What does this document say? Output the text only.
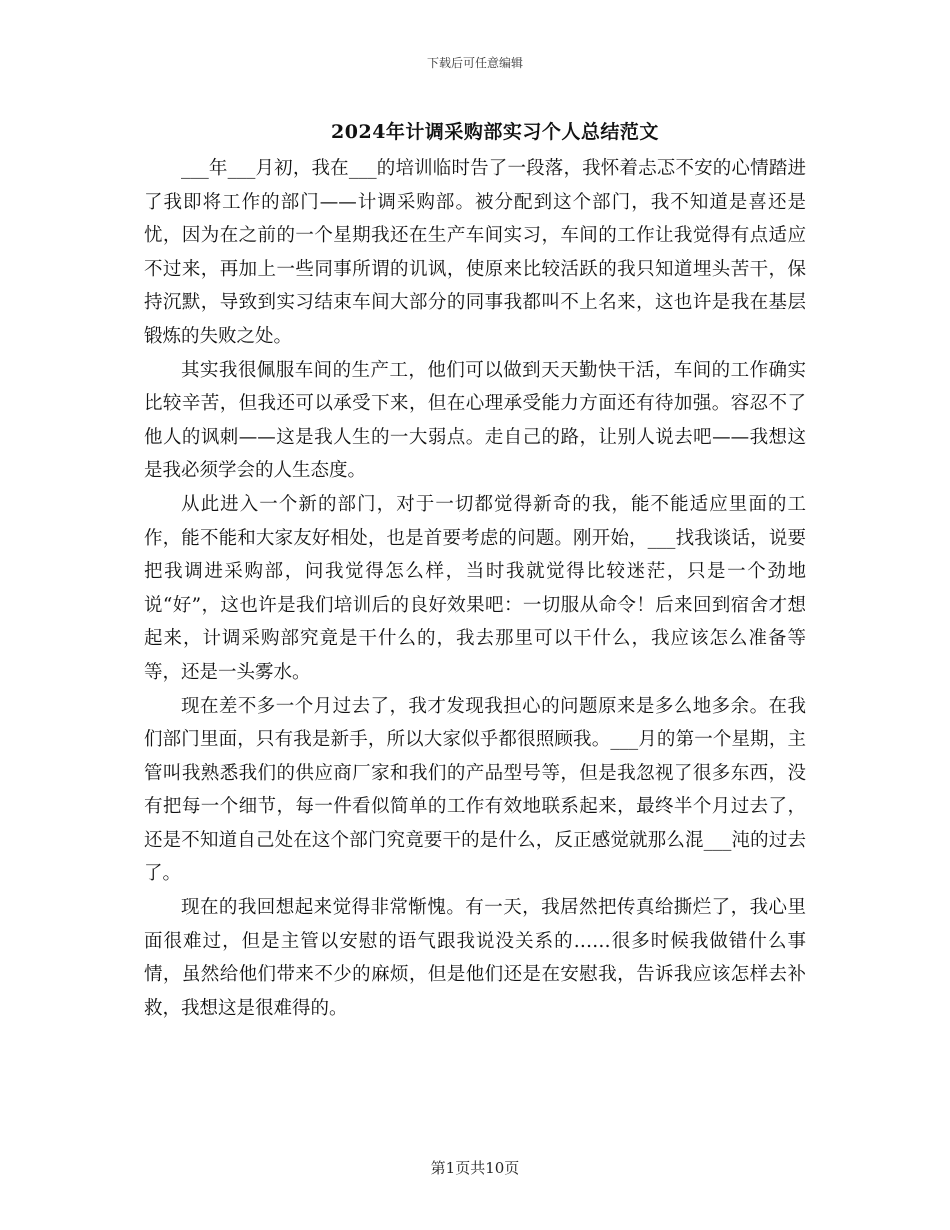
下载后可任意编辑
2024年计调采购部实习个人总结范文

___年___月初，我在___的培训临时告了一段落，我怀着忐忑不安的心情踏进了我即将工作的部门——计调采购部。被分配到这个部门，我不知道是喜还是忧，因为在之前的一个星期我还在生产车间实习，车间的工作让我觉得有点适应不过来，再加上一些同事所谓的讥讽，使原来比较活跃的我只知道埋头苦干，保持沉默，导致到实习结束车间大部分的同事我都叫不上名来，这也许是我在基层锻炼的失败之处。

其实我很佩服车间的生产工，他们可以做到天天勤快干活，车间的工作确实比较辛苦，但我还可以承受下来，但在心理承受能力方面还有待加强。容忍不了他人的讽刺——这是我人生的一大弱点。走自己的路，让别人说去吧——我想这是我必须学会的人生态度。

从此进入一个新的部门，对于一切都觉得新奇的我，能不能适应里面的工作，能不能和大家友好相处，也是首要考虑的问题。刚开始，___找我谈话，说要把我调进采购部，问我觉得怎么样，当时我就觉得比较迷茫，只是一个劲地说“好”，这也许是我们培训后的良好效果吧：一切服从命令！后来回到宿舍才想起来，计调采购部究竟是干什么的，我去那里可以干什么，我应该怎么准备等等，还是一头雾水。

现在差不多一个月过去了，我才发现我担心的问题原来是多么地多余。在我们部门里面，只有我是新手，所以大家似乎都很照顾我。___月的第一个星期，主管叫我熟悉我们的供应商厂家和我们的产品型号等，但是我忽视了很多东西，没有把每一个细节，每一件看似简单的工作有效地联系起来，最终半个月过去了，还是不知道自己处在这个部门究竟要干的是什么，反正感觉就那么混___沌的过去了。

现在的我回想起来觉得非常惭愧。有一天，我居然把传真给撕烂了，我心里面很难过，但是主管以安慰的语气跟我说没关系的……很多时候我做错什么事情，虽然给他们带来不少的麻烦，但是他们还是在安慰我，告诉我应该怎样去补救，我想这是很难得的。

第1页共10页
